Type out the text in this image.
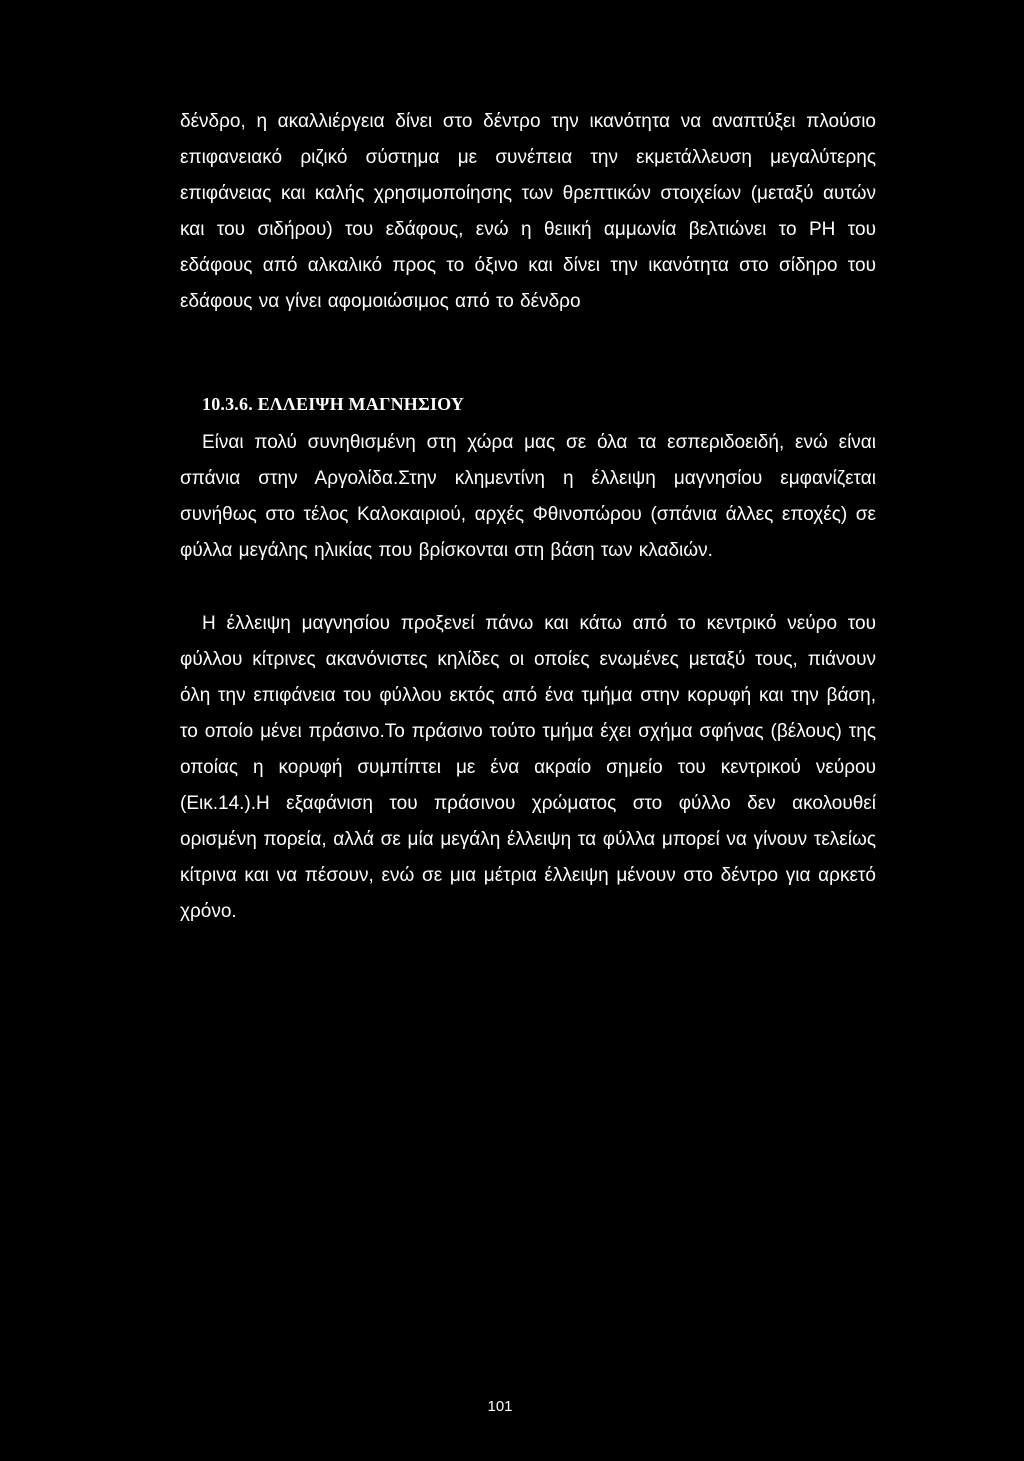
δένδρο, η ακαλλιέργεια δίνει στο δέντρο την ικανότητα να αναπτύξει πλούσιο επιφανειακό ριζικό σύστημα με συνέπεια την εκμετάλλευση μεγαλύτερης επιφάνειας και καλής χρησιμοποίησης των θρεπτικών στοιχείων (μεταξύ αυτών και του σιδήρου) του εδάφους, ενώ η θειική αμμωνία βελτιώνει το PH του εδάφους από αλκαλικό προς το όξινο και δίνει την ικανότητα στο σίδηρο του εδάφους να γίνει αφομοιώσιμος από το δένδρο

10.3.6. ΕΛΛΕΙΨΗ ΜΑΓΝΗΣΙΟΥ

Είναι πολύ συνηθισμένη στη χώρα μας σε όλα τα εσπεριδοειδή, ενώ είναι σπάνια στην Αργολίδα.Στην κλημεντίνη η έλλειψη μαγνησίου εμφανίζεται συνήθως στο τέλος Καλοκαιριού, αρχές Φθινοπώρου (σπάνια άλλες εποχές) σε φύλλα μεγάλης ηλικίας που βρίσκονται στη βάση των κλαδιών.

Η έλλειψη μαγνησίου προξενεί πάνω και κάτω από το κεντρικό νεύρο του φύλλου κίτρινες ακανόνιστες κηλίδες οι οποίες ενωμένες μεταξύ τους, πιάνουν όλη την επιφάνεια του φύλλου εκτός από ένα τμήμα στην κορυφή και την βάση, το οποίο μένει πράσινο.Το πράσινο τούτο τμήμα έχει σχήμα σφήνας (βέλους) της οποίας η κορυφή συμπίπτει με ένα ακραίο σημείο του κεντρικού νεύρου (Εικ.14.).Η εξαφάνιση του πράσινου χρώματος στο φύλλο δεν ακολουθεί ορισμένη πορεία, αλλά σε μία μεγάλη έλλειψη τα φύλλα μπορεί να γίνουν τελείως κίτρινα και να πέσουν, ενώ σε μια μέτρια έλλειψη μένουν στο δέντρο για αρκετό χρόνο.

101
